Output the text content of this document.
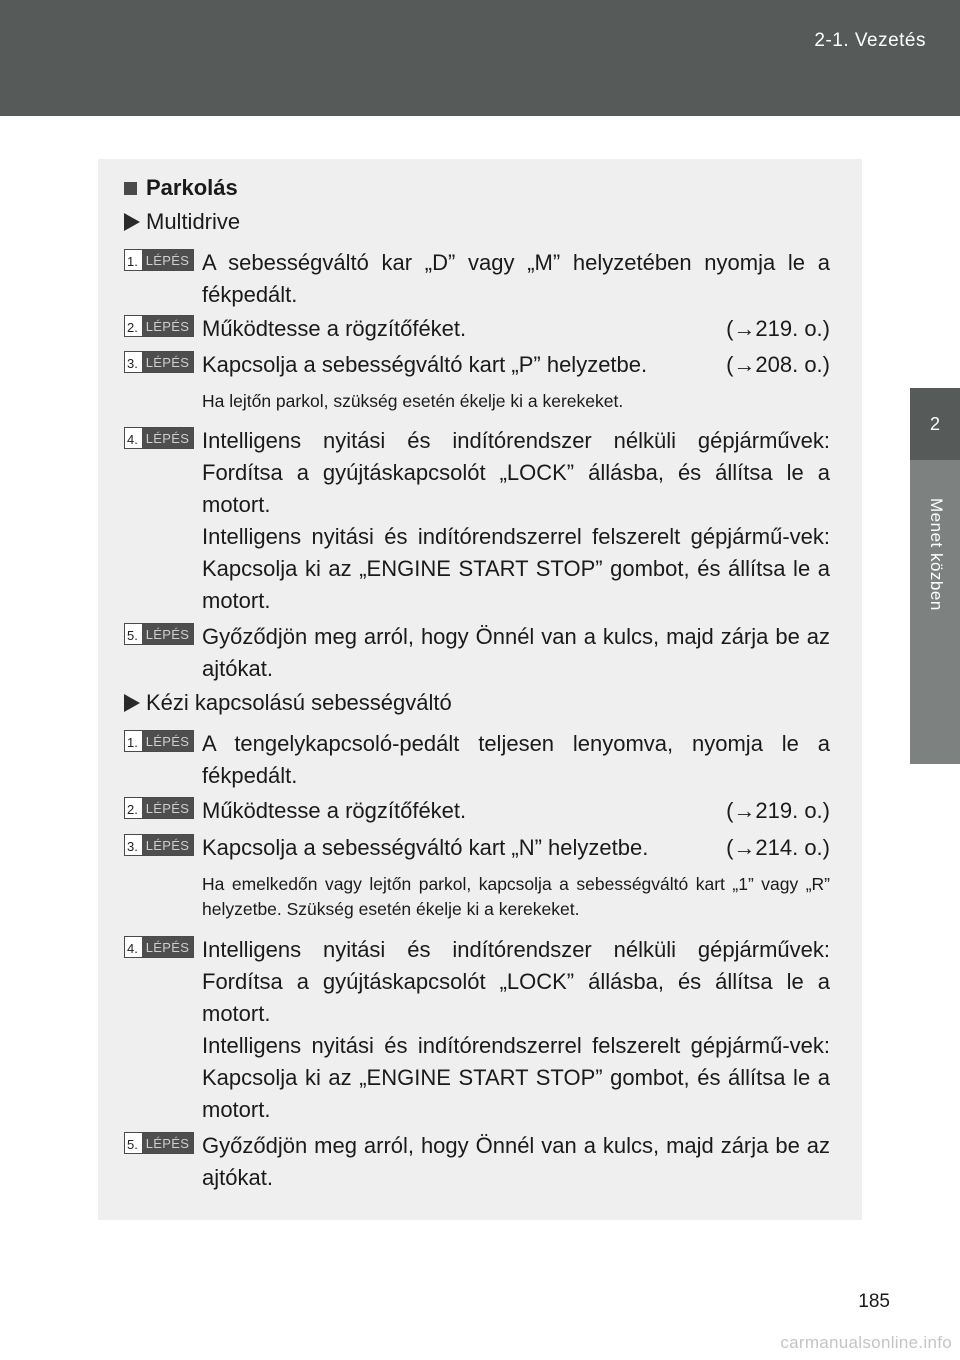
2-1. Vezetés
2
Menet közben
Parkolás
Multidrive
1. LÉPÉS A sebességváltó kar „D” vagy „M” helyzetében nyomja le a fékpedált.
2. LÉPÉS Működtesse a rögzítőféket.	(→219. o.)
3. LÉPÉS Kapcsolja a sebességváltó kart „P” helyzetbe.	(→208. o.)
Ha lejtőn parkol, szükség esetén ékelje ki a kerekeket.
4. LÉPÉS Intelligens nyitási és indítórendszer nélküli gépjárművek: Fordítsa a gyújtáskapcsolót „LOCK” állásba, és állítsa le a motort.
Intelligens nyitási és indítórendszerrel felszerelt gépjármű-vek: Kapcsolja ki az „ENGINE START STOP” gombot, és állítsa le a motort.
5. LÉPÉS Győződjön meg arról, hogy Önnél van a kulcs, majd zárja be az ajtókat.
Kézi kapcsolású sebességváltó
1. LÉPÉS A tengelykapcsoló-pedált teljesen lenyomva, nyomja le a fékpedált.
2. LÉPÉS Működtesse a rögzítőféket.	(→219. o.)
3. LÉPÉS Kapcsolja a sebességváltó kart „N” helyzetbe.	(→214. o.)
Ha emelkedőn vagy lejtőn parkol, kapcsolja a sebességváltó kart „1” vagy „R” helyzetbe. Szükség esetén ékelje ki a kerekeket.
4. LÉPÉS Intelligens nyitási és indítórendszer nélküli gépjárművek: Fordítsa a gyújtáskapcsolót „LOCK” állásba, és állítsa le a motort.
Intelligens nyitási és indítórendszerrel felszerelt gépjármű-vek: Kapcsolja ki az „ENGINE START STOP” gombot, és állítsa le a motort.
5. LÉPÉS Győződjön meg arról, hogy Önnél van a kulcs, majd zárja be az ajtókat.
185
carmanualsonline.info
